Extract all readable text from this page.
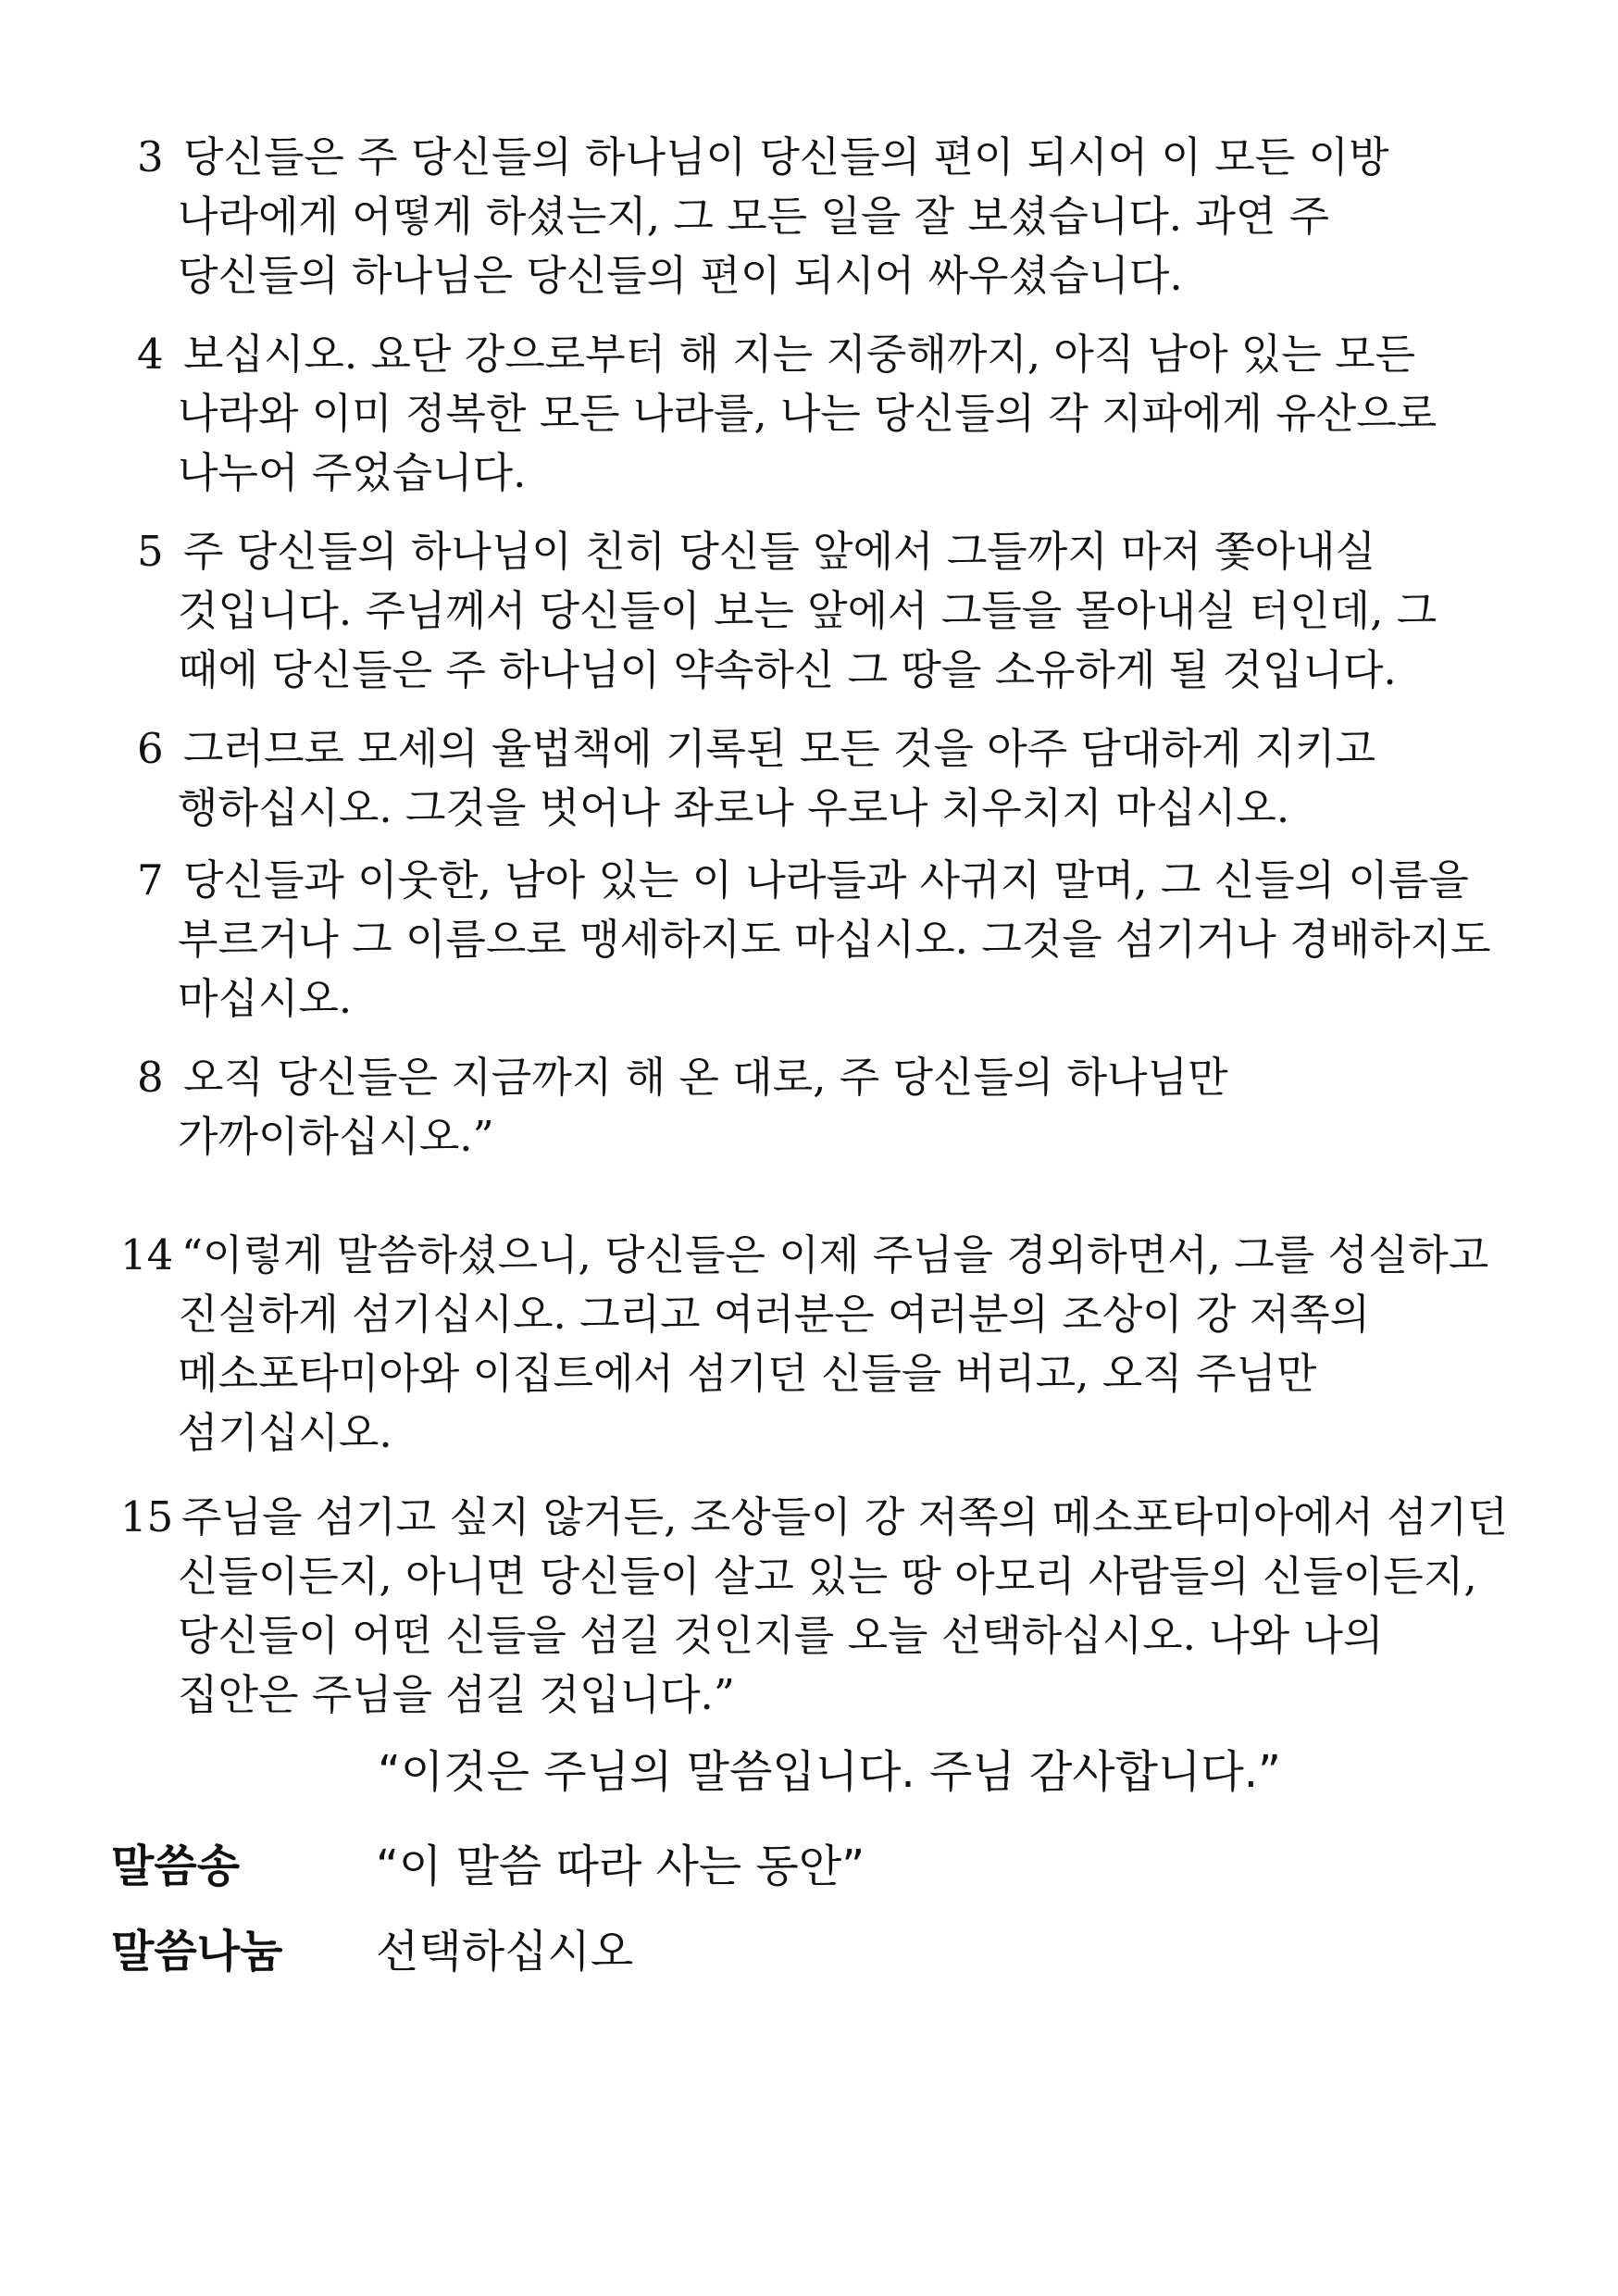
3 당신들은 주 당신들의 하나님이 당신들의 편이 되시어 이 모든 이방
나라에게 어떻게 하셨는지, 그 모든 일을 잘 보셨습니다. 과연 주
당신들의 하나님은 당신들의 편이 되시어 싸우셨습니다.
4 보십시오. 요단 강으로부터 해 지는 지중해까지, 아직 남아 있는 모든
나라와 이미 정복한 모든 나라를, 나는 당신들의 각 지파에게 유산으로
나누어 주었습니다.
5 주 당신들의 하나님이 친히 당신들 앞에서 그들까지 마저 쫓아내실
것입니다. 주님께서 당신들이 보는 앞에서 그들을 몰아내실 터인데, 그
때에 당신들은 주 하나님이 약속하신 그 땅을 소유하게 될 것입니다.
6 그러므로 모세의 율법책에 기록된 모든 것을 아주 담대하게 지키고
행하십시오. 그것을 벗어나 좌로나 우로나 치우치지 마십시오.
7 당신들과 이웃한, 남아 있는 이 나라들과 사귀지 말며, 그 신들의 이름을
부르거나 그 이름으로 맹세하지도 마십시오. 그것을 섬기거나 경배하지도
마십시오.
8 오직 당신들은 지금까지 해 온 대로, 주 당신들의 하나님만
가까이하십시오.”
14 “이렇게 말씀하셨으니, 당신들은 이제 주님을 경외하면서, 그를 성실하고
진실하게 섬기십시오. 그리고 여러분은 여러분의 조상이 강 저쪽의
메소포타미아와 이집트에서 섬기던 신들을 버리고, 오직 주님만
섬기십시오.
15 주님을 섬기고 싶지 않거든, 조상들이 강 저쪽의 메소포타미아에서 섬기던
신들이든지, 아니면 당신들이 살고 있는 땅 아모리 사람들의 신들이든지,
당신들이 어떤 신들을 섬길 것인지를 오늘 선택하십시오. 나와 나의
집안은 주님을 섬길 것입니다.”

“이것은 주님의 말씀입니다. 주님 감사합니다.”

말씀송	“이 말씀 따라 사는 동안”
말씀나눔 선택하십시오
